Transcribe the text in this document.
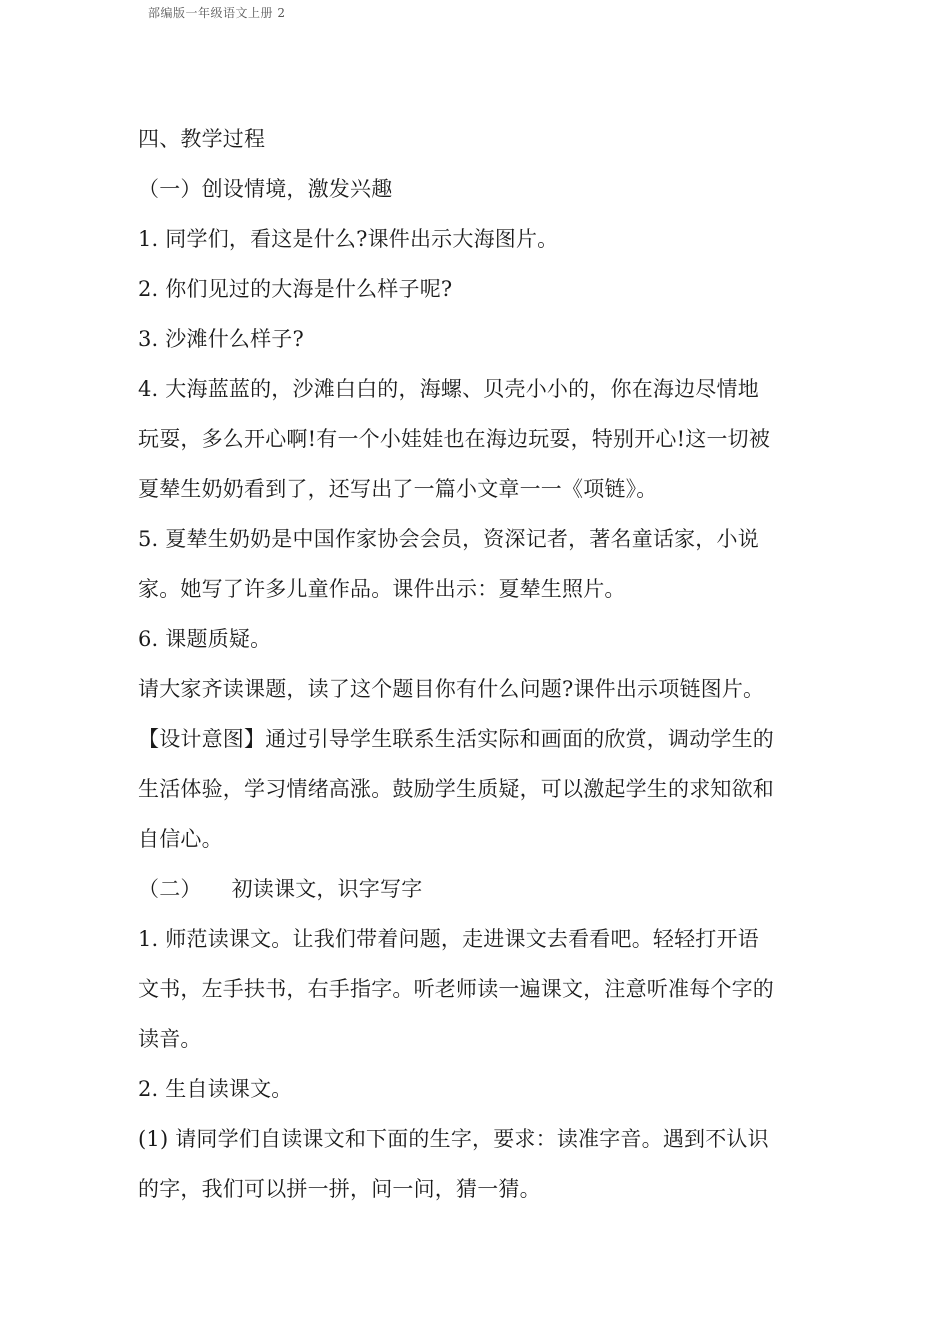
部编版一年级语文上册 2
四、教学过程
（一）创设情境，激发兴趣
1. 同学们，看这是什么?课件出示大海图片。
2. 你们见过的大海是什么样子呢?
3. 沙滩什么样子?
4. 大海蓝蓝的，沙滩白白的，海螺、贝壳小小的，你在海边尽情地
玩耍，多么开心啊!有一个小娃娃也在海边玩耍，特别开心!这一切被
夏辇生奶奶看到了，还写出了一篇小文章一一《项链》。
5. 夏辇生奶奶是中国作家协会会员，资深记者，著名童话家，小说
家。她写了许多儿童作品。课件出示：夏辇生照片。
6. 课题质疑。
请大家齐读课题，读了这个题目你有什么问题?课件出示项链图片。
【设计意图】通过引导学生联系生活实际和画面的欣赏，调动学生的
生活体验，学习情绪高涨。鼓励学生质疑，可以激起学生的求知欲和
自信心。
（二） 初读课文，识字写字
1. 师范读课文。让我们带着问题，走进课文去看看吧。轻轻打开语
文书，左手扶书，右手指字。听老师读一遍课文，注意听准每个字的
读音。
2. 生自读课文。
(1) 请同学们自读课文和下面的生字，要求：读准字音。遇到不认识
的字，我们可以拼一拼，问一问，猜一猜。
